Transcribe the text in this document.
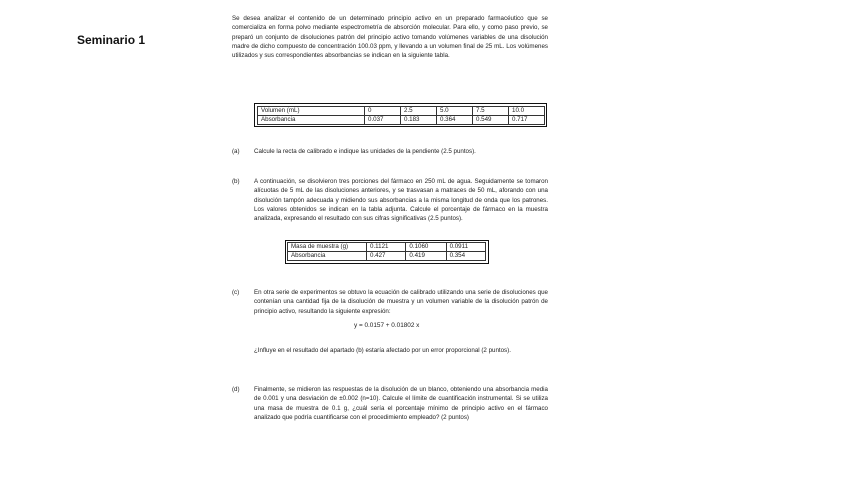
Seminario 1

Se desea analizar el contenido de un determinado principio activo en un preparado farmacéutico que se comercializa en forma polvo mediante espectrometría de absorción molecular. Para ello, y como paso previo, se preparó un conjunto de disoluciones patrón del principio activo tomando volúmenes variables de una disolución madre de dicho compuesto de concentración 100.03 ppm, y llevando a un volumen final de 25 mL. Los volúmenes utilizados y sus correspondientes absorbancias se indican en la siguiente tabla.

Volumen (mL)	0	2.5	5.0	7.5	10.0
Absorbancia	0.037	0.183	0.364	0.549	0.717
(a) Calcule la recta de calibrado e indique las unidades de la pendiente (2.5 puntos).
(b) A continuación, se disolvieron tres porciones del fármaco en 250 mL de agua. Seguidamente se tomaron alícuotas de 5 mL de las disoluciones anteriores, y se trasvasan a matraces de 50 mL, aforando con una disolución tampón adecuada y midiendo sus absorbancias a la misma longitud de onda que los patrones. Los valores obtenidos se indican en la tabla adjunta. Calcule el porcentaje de fármaco en la muestra analizada, expresando el resultado con sus cifras significativas (2.5 puntos).
Masa de muestra (g)	0.1121	0.1060	0.0911
Absorbancia	0.427	0.419	0.354
(c) En otra serie de experimentos se obtuvo la ecuación de calibrado utilizando una serie de disoluciones que contenían una cantidad fija de la disolución de muestra y un volumen variable de la disolución patrón de principio activo, resultando la siguiente expresión:
y = 0.0157 + 0.01802 x
¿Influye en el resultado del apartado (b) estaría afectado por un error proporcional (2 puntos).
(d) Finalmente, se midieron las respuestas de la disolución de un blanco, obteniendo una absorbancia media de 0.001 y una desviación de ±0.002 (n=10). Calcule el límite de cuantificación instrumental. Si se utiliza una masa de muestra de 0.1 g, ¿cuál sería el porcentaje mínimo de principio activo en el fármaco analizado que podría cuantificarse con el procedimiento empleado? (2 puntos)
